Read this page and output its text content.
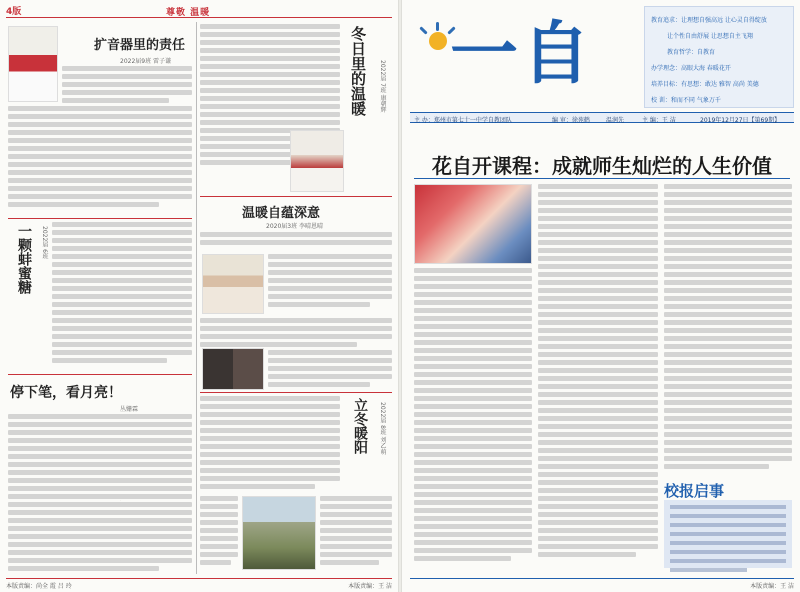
4版	尊敬 温暖
扩音器里的责任
2022届9班 雷子谦
一颗蚌蜜糖	2022届 6班
停下笔，看月亮！
丛姗霖
冬日里的温暖	2022届 7班 康朝辉
温暖自蕴深意
2020届3班 李晴恩晴
立冬暖阳	2022届 8班 刘乙萌
本版责编：尚全 霞 吕 玲	本版责编：王 洁
一自	教育追求：让理想自强高远 让心灵自得绽放
让个性自由舒展 让思想自主飞翔
教育哲学：自教育
办学理念：高眼大海 春暖花开
培养目标：有思想：敢达 雅智 高尚 美德
校 训：和而不同 气象万千
主 办：郑州市第七十一中学自教团队	编 审：徐苑鹤	温润先	主 编：王 洁	2019年12月27日【第69期】
花自开课程：成就师生灿烂的人生价值
校报启事
本版责编：王 洁
